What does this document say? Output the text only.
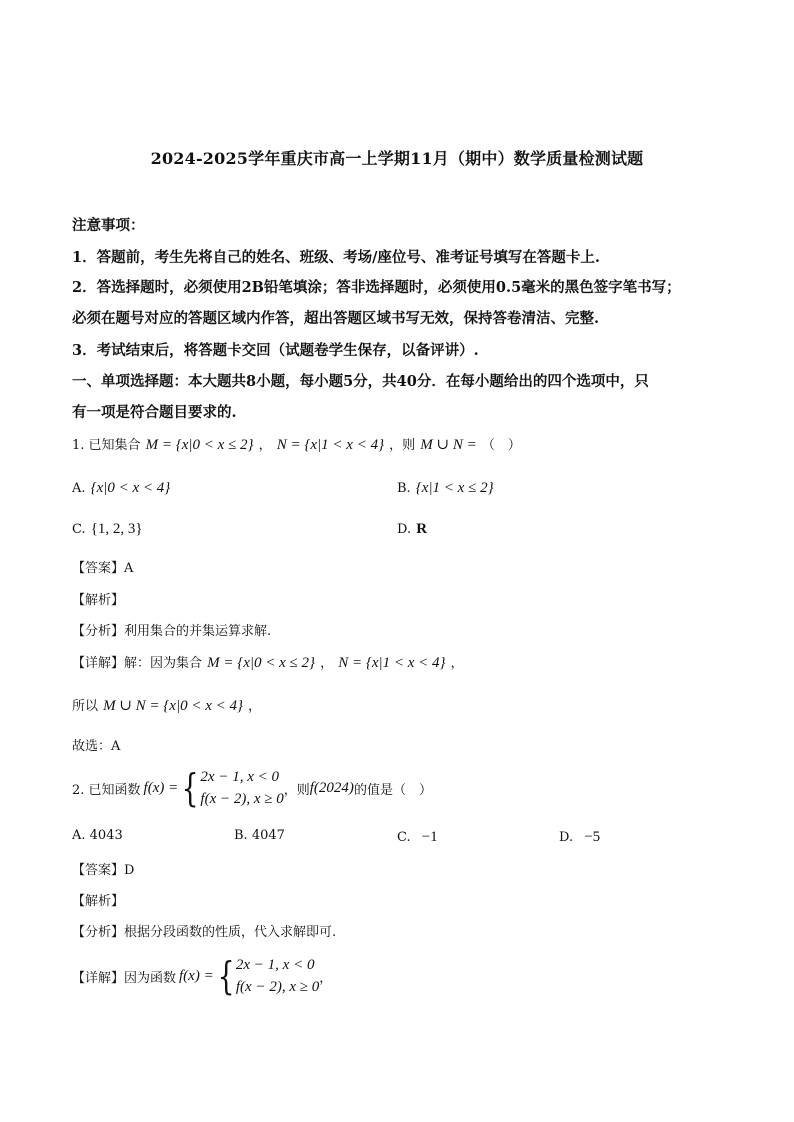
2024-2025学年重庆市高一上学期11月（期中）数学质量检测试题
注意事项：
1．答题前，考生先将自己的姓名、班级、考场/座位号、准考证号填写在答题卡上.
2．答选择题时，必须使用2B铅笔填涂；答非选择题时，必须使用0.5毫米的黑色签字笔书写；
必须在题号对应的答题区域内作答，超出答题区域书写无效，保持答卷清洁、完整.
3．考试结束后，将答题卡交回（试题卷学生保存，以备评讲）.
一、单项选择题：本大题共8小题，每小题5分，共40分．在每小题给出的四个选项中，只
有一项是符合题目要求的.
1. 已知集合 M = {x|0 < x ≤ 2} ， N = {x|1 < x < 4} ，则 M ∪ N = （　）
A. {x|0 < x < 4}	B. {x|1 < x ≤ 2}
C. {1, 2, 3}	D. R
【答案】A
【解析】
【分析】利用集合的并集运算求解.
【详解】解：因为集合 M = {x|0 < x ≤ 2} ， N = {x|1 < x < 4} ，
所以 M ∪ N = {x|0 < x < 4} ，
故选：A
2. 已知函数 f(x) = { 2x − 1, x < 0
f(x − 2), x ≥ 0
，则 f(2024) 的值是（　）
A. 4043	B. 4047	C. −1	D. −5
【答案】D
【解析】
【分析】根据分段函数的性质，代入求解即可.
【详解】因为函数 f(x) = { 2x − 1, x < 0
f(x − 2), x ≥ 0
，
